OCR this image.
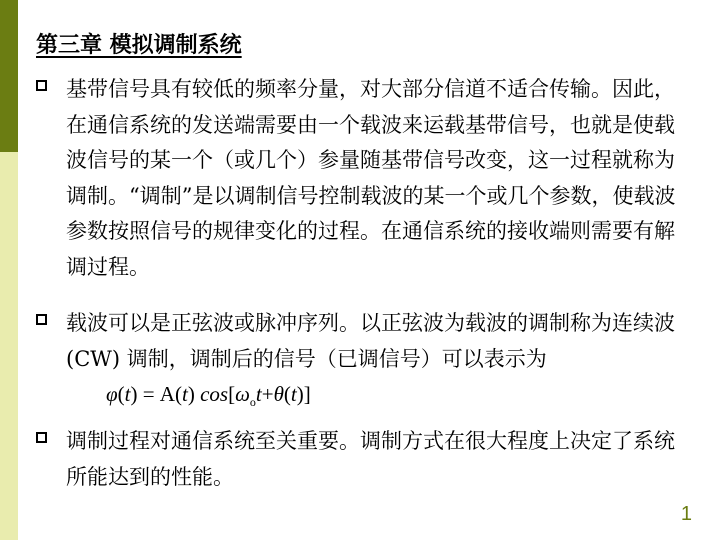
第三章 模拟调制系统
基带信号具有较低的频率分量，对大部分信道不适合传输。因此，在通信系统的发送端需要由一个载波来运载基带信号，也就是使载波信号的某一个（或几个）参量随基带信号改变，这一过程就称为调制。“调制”是以调制信号控制载波的某一个或几个参数，使载波参数按照信号的规律变化的过程。在通信系统的接收端则需要有解调过程。
载波可以是正弦波或脉冲序列。以正弦波为载波的调制称为连续波(CW) 调制，调制后的信号（已调信号）可以表示为φ(t) = A(t) $\cos[\omega_ot+\theta(t)]$
调制过程对通信系统至关重要。调制方式在很大程度上决定了系统所能达到的性能。
1
